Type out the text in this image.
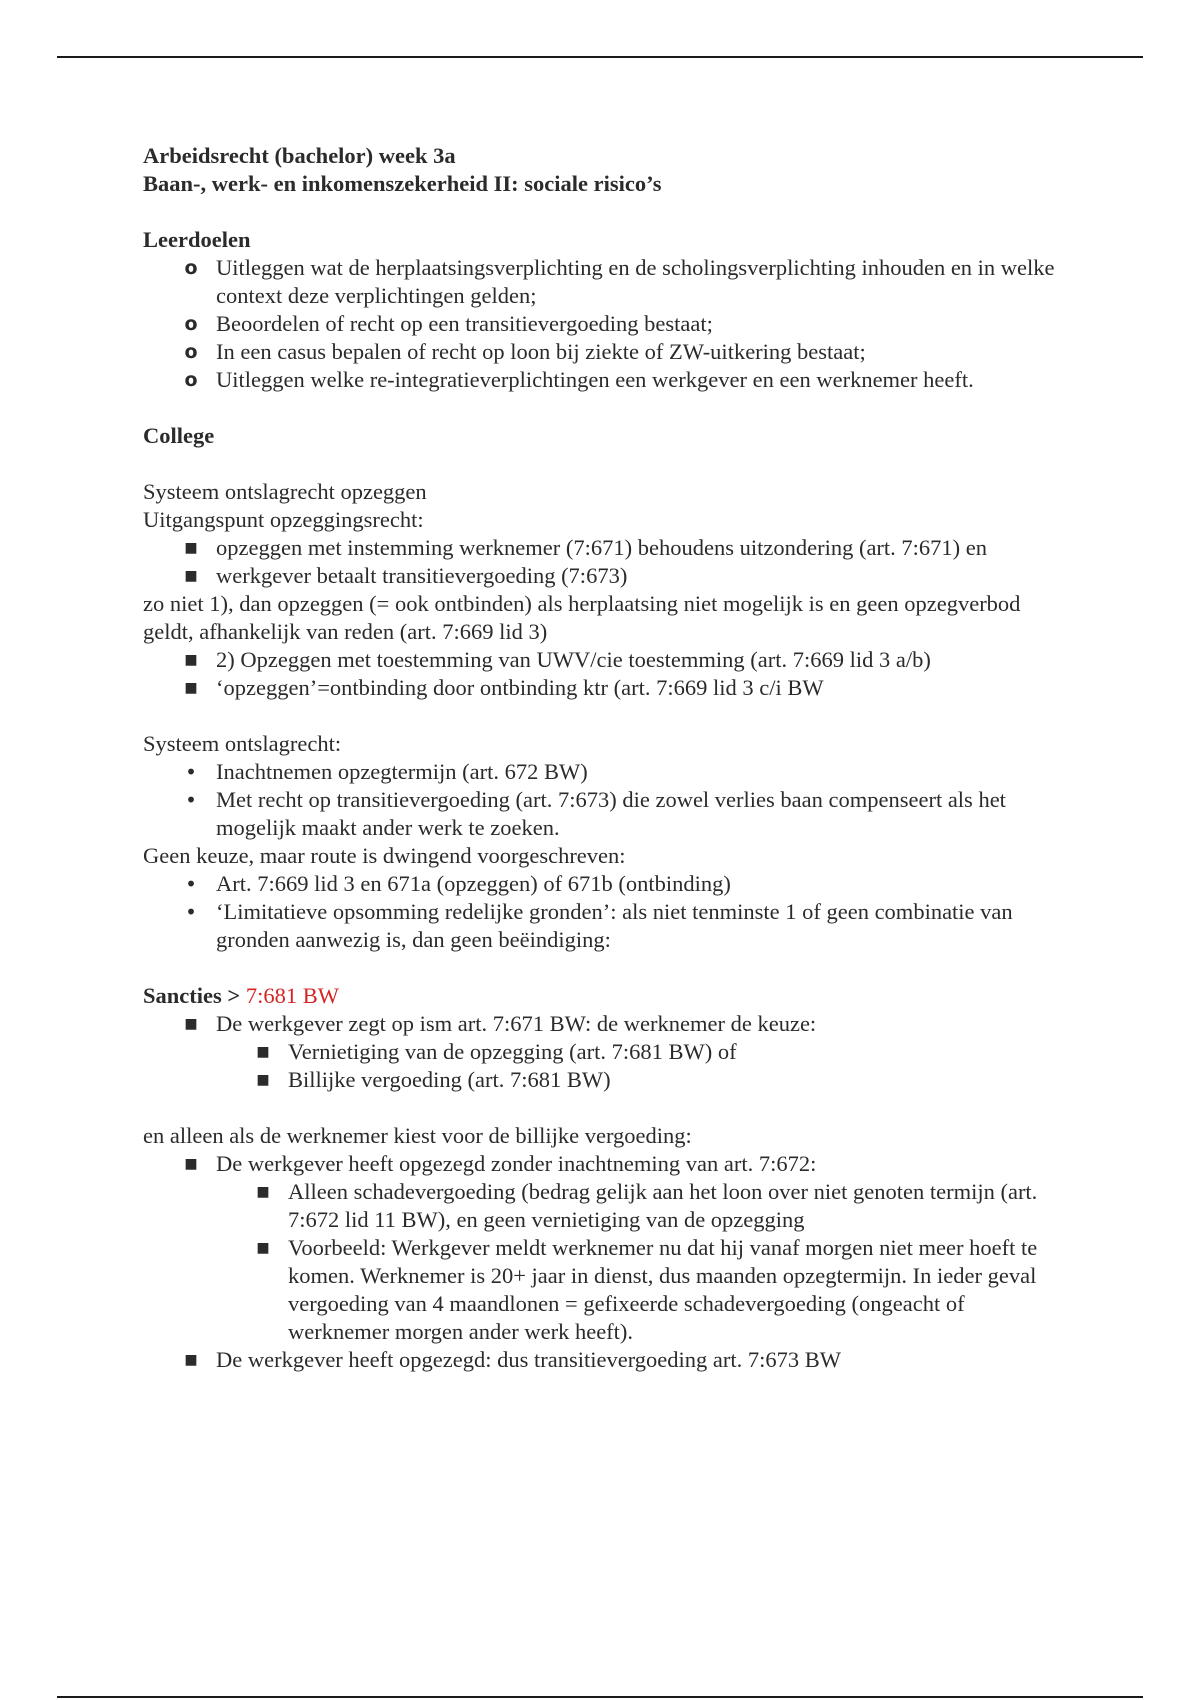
Arbeidsrecht (bachelor) week 3a
Baan-, werk- en inkomenszekerheid II: sociale risico’s
Leerdoelen
o Uitleggen wat de herplaatsingsverplichting en de scholingsverplichting inhouden en in welke context deze verplichtingen gelden;
o Beoordelen of recht op een transitievergoeding bestaat;
o In een casus bepalen of recht op loon bij ziekte of ZW-uitkering bestaat;
o Uitleggen welke re-integratieverplichtingen een werkgever en een werknemer heeft.
College
Systeem ontslagrecht opzeggen
Uitgangspunt opzeggingsrecht:
■ opzeggen met instemming werknemer (7:671) behoudens uitzondering (art. 7:671) en
■ werkgever betaalt transitievergoeding (7:673)
zo niet 1), dan opzeggen (= ook ontbinden) als herplaatsing niet mogelijk is en geen opzegverbod geldt, afhankelijk van reden (art. 7:669 lid 3)
■ 2) Opzeggen met toestemming van UWV/cie toestemming (art. 7:669 lid 3 a/b)
■ ‘opzeggen’=ontbinding door ontbinding ktr (art. 7:669 lid 3 c/i BW
Systeem ontslagrecht:
• Inachtnemen opzegtermijn (art. 672 BW)
• Met recht op transitievergoeding (art. 7:673) die zowel verlies baan compenseert als het mogelijk maakt ander werk te zoeken.
Geen keuze, maar route is dwingend voorgeschreven:
• Art. 7:669 lid 3 en 671a (opzeggen) of 671b (ontbinding)
• ‘Limitatieve opsomming redelijke gronden’: als niet tenminste 1 of geen combinatie van gronden aanwezig is, dan geen beëindiging:
Sancties > 7:681 BW
■ De werkgever zegt op ism art. 7:671 BW: de werknemer de keuze:
■ Vernietiging van de opzegging (art. 7:681 BW) of
■ Billijke vergoeding (art. 7:681 BW)
en alleen als de werknemer kiest voor de billijke vergoeding:
■ De werkgever heeft opgezegd zonder inachtneming van art. 7:672:
■ Alleen schadevergoeding (bedrag gelijk aan het loon over niet genoten termijn (art. 7:672 lid 11 BW), en geen vernietiging van de opzegging
■ Voorbeeld: Werkgever meldt werknemer nu dat hij vanaf morgen niet meer hoeft te komen. Werknemer is 20+ jaar in dienst, dus maanden opzegtermijn. In ieder geval vergoeding van 4 maandlonen = gefixeerde schadevergoeding (ongeacht of werknemer morgen ander werk heeft).
■ De werkgever heeft opgezegd: dus transitievergoeding art. 7:673 BW
